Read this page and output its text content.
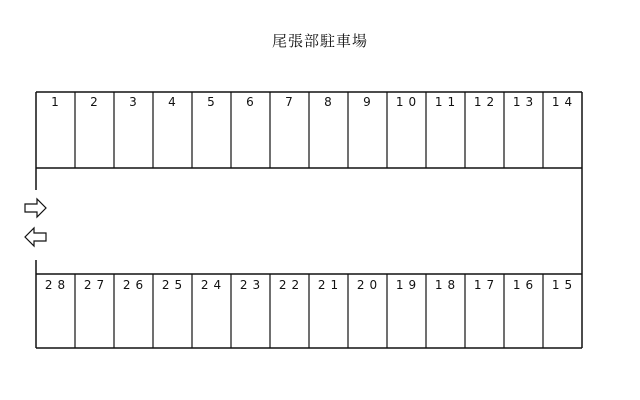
尾張部駐車場
1 2 3 4 5 6 7 8 9 10 11 12 13 14
28 27 26 25 24 23 22 21 20 19 18 17 16 15
